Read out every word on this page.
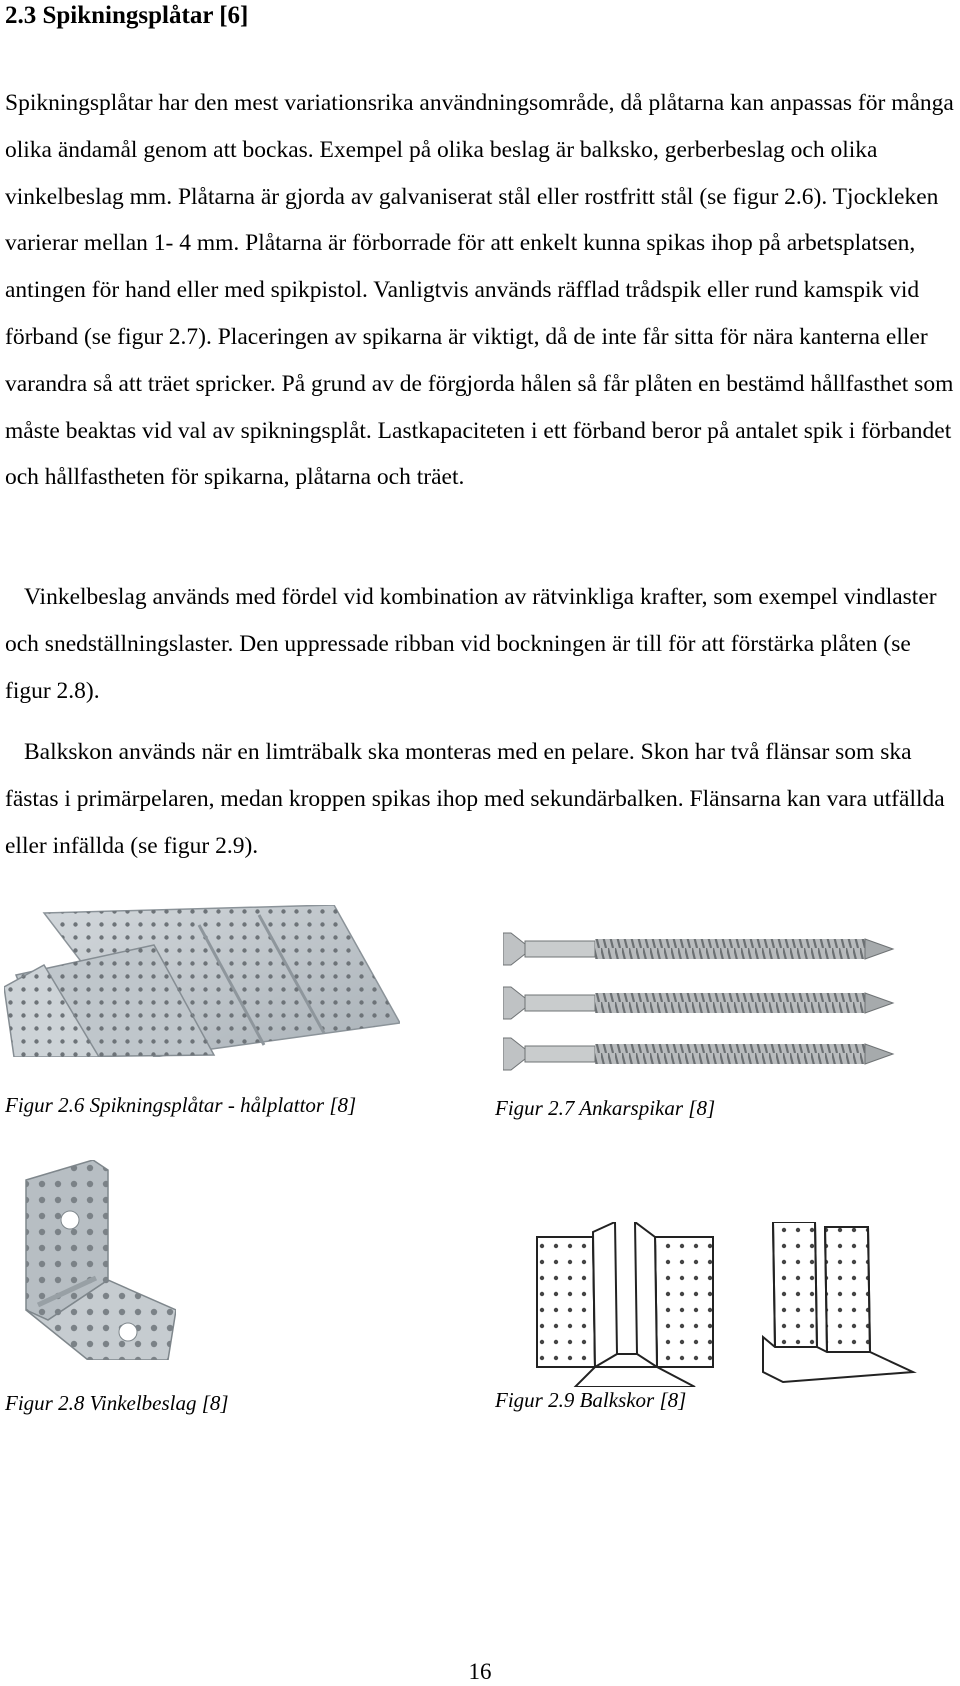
2.3 Spikningsplåtar [6]

Spikningsplåtar har den mest variationsrika användningsområde, då plåtarna kan anpassas för många olika ändamål genom att bockas. Exempel på olika beslag är balksko, gerberbeslag och olika vinkelbeslag mm. Plåtarna är gjorda av galvaniserat stål eller rostfritt stål (se figur 2.6). Tjockleken varierar mellan 1- 4 mm. Plåtarna är förborrade för att enkelt kunna spikas ihop på arbetsplatsen, antingen för hand eller med spikpistol. Vanligtvis används räfflad trådspik eller rund kamspik vid förband (se figur 2.7). Placeringen av spikarna är viktigt, då de inte får sitta för nära kanterna eller varandra så att träet spricker. På grund av de förgjorda hålen så får plåten en bestämd hållfasthet som måste beaktas vid val av spikningsplåt. Lastkapaciteten i ett förband beror på antalet spik i förbandet och hållfastheten för spikarna, plåtarna och träet.

Vinkelbeslag används med fördel vid kombination av rätvinkliga krafter, som exempel vindlaster och snedställningslaster. Den uppressade ribban vid bockningen är till för att förstärka plåten (se figur 2.8).

Balkskon används när en limträbalk ska monteras med en pelare. Skon har två flänsar som ska fästas i primärpelaren, medan kroppen spikas ihop med sekundärbalken. Flänsarna kan vara utfällda eller infällda (se figur 2.9).

Figur 2.6 Spikningsplåtar - hålplattor [8]	Figur 2.7 Ankarspikar [8]
Figur 2.8 Vinkelbeslag [8]	Figur 2.9 Balkskor [8]
16
